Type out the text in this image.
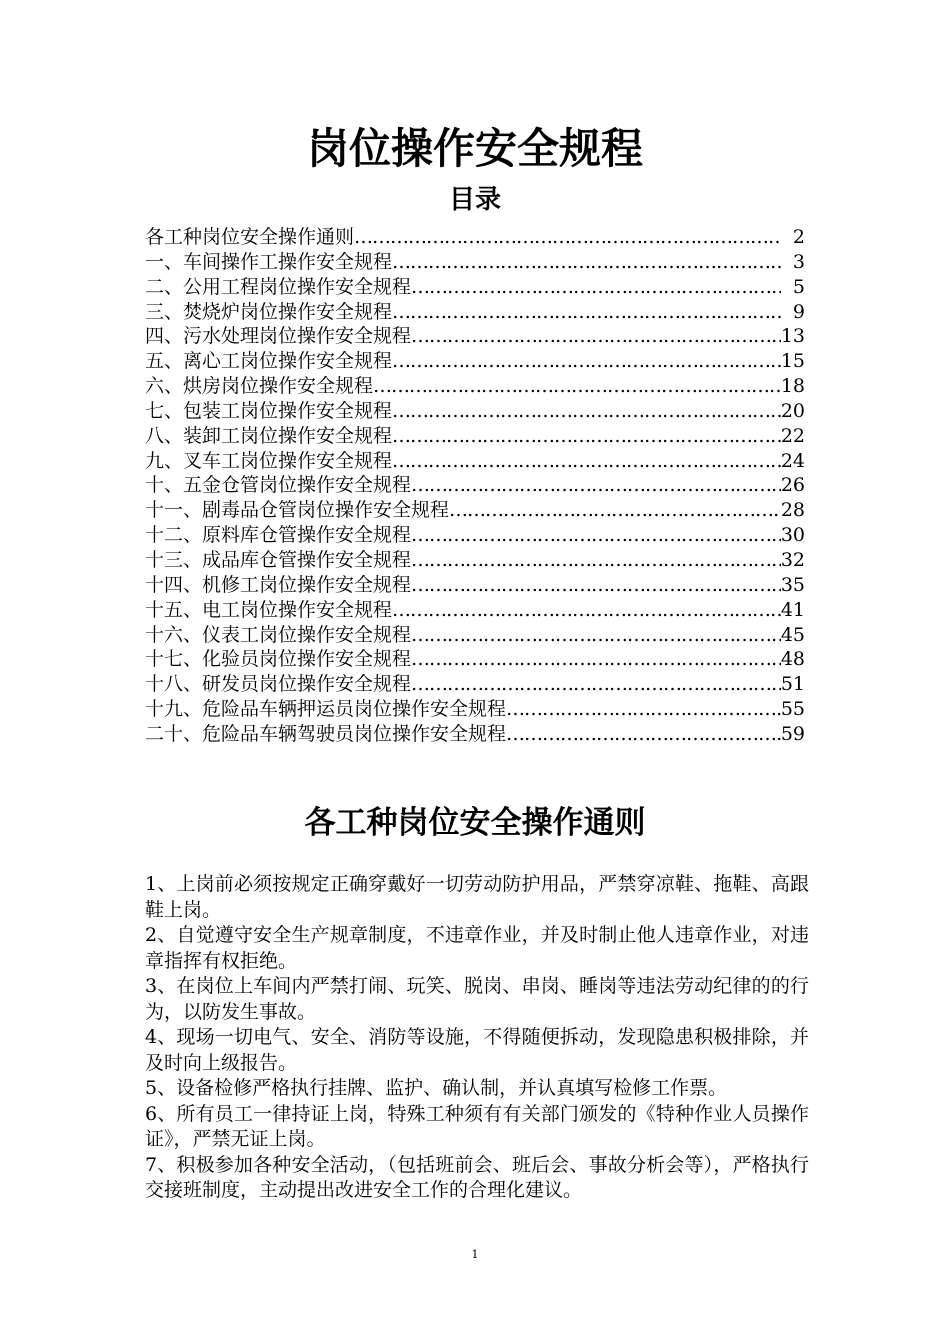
岗位操作安全规程
目录
各工种岗位安全操作通则 ……………………………………………………………………………………………………………………………………………………………………………………	2
一、车间操作工操作安全规程 ……………………………………………………………………………………………………………………………………………………………………………………	3
二、公用工程岗位操作安全规程 ……………………………………………………………………………………………………………………………………………………………………………………	5
三、焚烧炉岗位操作安全规程 ……………………………………………………………………………………………………………………………………………………………………………………	9
四、污水处理岗位操作安全规程 ……………………………………………………………………………………………………………………………………………………………………………………	13
五、离心工岗位操作安全规程 ……………………………………………………………………………………………………………………………………………………………………………………	15
六、烘房岗位操作安全规程 ……………………………………………………………………………………………………………………………………………………………………………………	18
七、包装工岗位操作安全规程 ……………………………………………………………………………………………………………………………………………………………………………………	20
八、装卸工岗位操作安全规程 ……………………………………………………………………………………………………………………………………………………………………………………	22
九、叉车工岗位操作安全规程 ……………………………………………………………………………………………………………………………………………………………………………………	24
十、五金仓管岗位操作安全规程 ……………………………………………………………………………………………………………………………………………………………………………………	26
十一、剧毒品仓管岗位操作安全规程 ……………………………………………………………………………………………………………………………………………………………………………………	28
十二、原料库仓管操作安全规程 ……………………………………………………………………………………………………………………………………………………………………………………	30
十三、成品库仓管操作安全规程 ……………………………………………………………………………………………………………………………………………………………………………………	32
十四、机修工岗位操作安全规程 ……………………………………………………………………………………………………………………………………………………………………………………	35
十五、电工岗位操作安全规程 ……………………………………………………………………………………………………………………………………………………………………………………	41
十六、仪表工岗位操作安全规程 ……………………………………………………………………………………………………………………………………………………………………………………	45
十七、化验员岗位操作安全规程 ……………………………………………………………………………………………………………………………………………………………………………………	48
十八、研发员岗位操作安全规程 ……………………………………………………………………………………………………………………………………………………………………………………	51
十九、危险品车辆押运员岗位操作安全规程 ……………………………………………………………………………………………………………………………………………………………………………………	55
二十、危险品车辆驾驶员岗位操作安全规程 ……………………………………………………………………………………………………………………………………………………………………………………	59
各工种岗位安全操作通则

1、上岗前必须按规定正确穿戴好一切劳动防护用品，严禁穿凉鞋、拖鞋、高跟鞋上岗。

2、自觉遵守安全生产规章制度，不违章作业，并及时制止他人违章作业，对违章指挥有权拒绝。

3、在岗位上车间内严禁打闹、玩笑、脱岗、串岗、睡岗等违法劳动纪律的的行为，以防发生事故。

4、现场一切电气、安全、消防等设施，不得随便拆动，发现隐患积极排除，并及时向上级报告。

5、设备检修严格执行挂牌、监护、确认制，并认真填写检修工作票。

6、所有员工一律持证上岗，特殊工种须有有关部门颁发的《特种作业人员操作证》，严禁无证上岗。

7、积极参加各种安全活动，（包括班前会、班后会、事故分析会等），严格执行交接班制度，主动提出改进安全工作的合理化建议。

1
